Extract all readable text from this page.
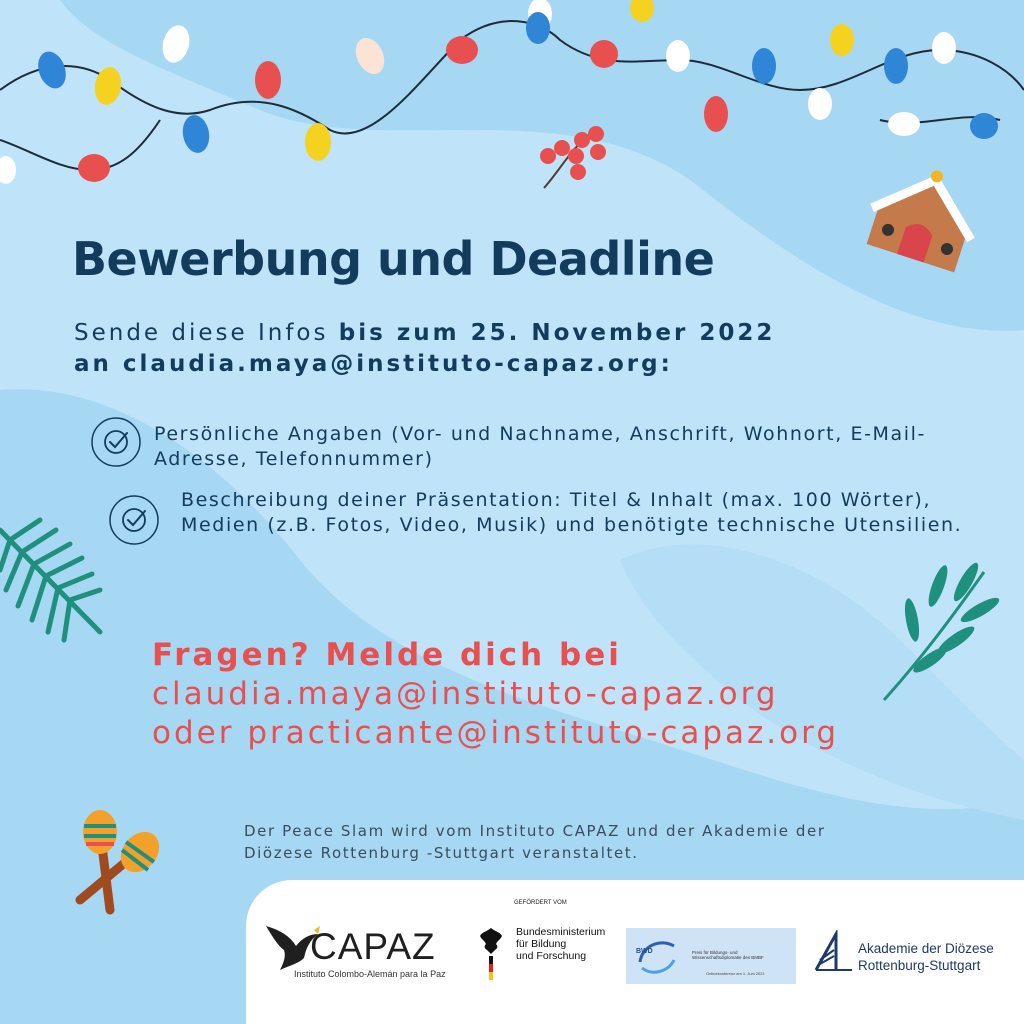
Bewerbung und Deadline
Sende diese Infos bis zum 25. November 2022
an claudia.maya@instituto-capaz.org:
Persönliche Angaben (Vor- und Nachname, Anschrift, Wohnort, E-Mail-Adresse, Telefonnummer)
Beschreibung deiner Präsentation: Titel & Inhalt (max. 100 Wörter), Medien (z.B. Fotos, Video, Musik) und benötigte technische Utensilien.
Fragen? Melde dich bei
claudia.maya@instituto-capaz.org
oder practicante@instituto-capaz.org
Der Peace Slam wird vom Instituto CAPAZ und der Akademie der
Diözese Rottenburg -Stuttgart veranstaltet.
CAPAZ
Instituto Colombo-Alemán para la Paz
GEFÖRDERT VOM
Bundesministerium
für Bildung
und Forschung	BWD	Preis für Bildungs- und
Wissenschaftsdiplomatie des BMBF
Onlinekonferenz am 1. Juni 2021
Akademie der Diözese
Rottenburg-Stuttgart
